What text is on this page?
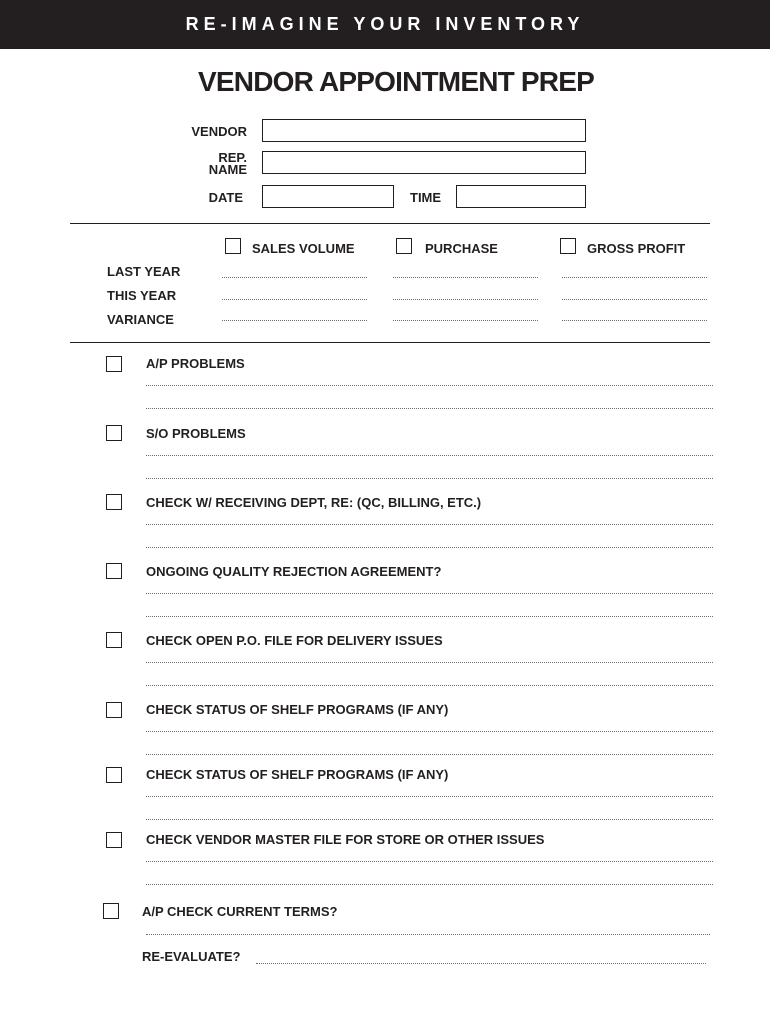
RE-IMAGINE YOUR INVENTORY
VENDOR APPOINTMENT PREP
VENDOR
REP.
NAME
DATE	TIME
SALES VOLUME	PURCHASE	GROSS PROFIT
LAST YEAR
THIS YEAR
VARIANCE
A/P PROBLEMS
S/O PROBLEMS
CHECK W/ RECEIVING DEPT, RE: (QC, BILLING, ETC.)
ONGOING QUALITY REJECTION AGREEMENT?
CHECK OPEN P.O. FILE FOR DELIVERY ISSUES
CHECK STATUS OF SHELF PROGRAMS (IF ANY)
CHECK STATUS OF SHELF PROGRAMS (IF ANY)
CHECK VENDOR MASTER FILE FOR STORE OR OTHER ISSUES
A/P CHECK CURRENT TERMS?
RE-EVALUATE?
